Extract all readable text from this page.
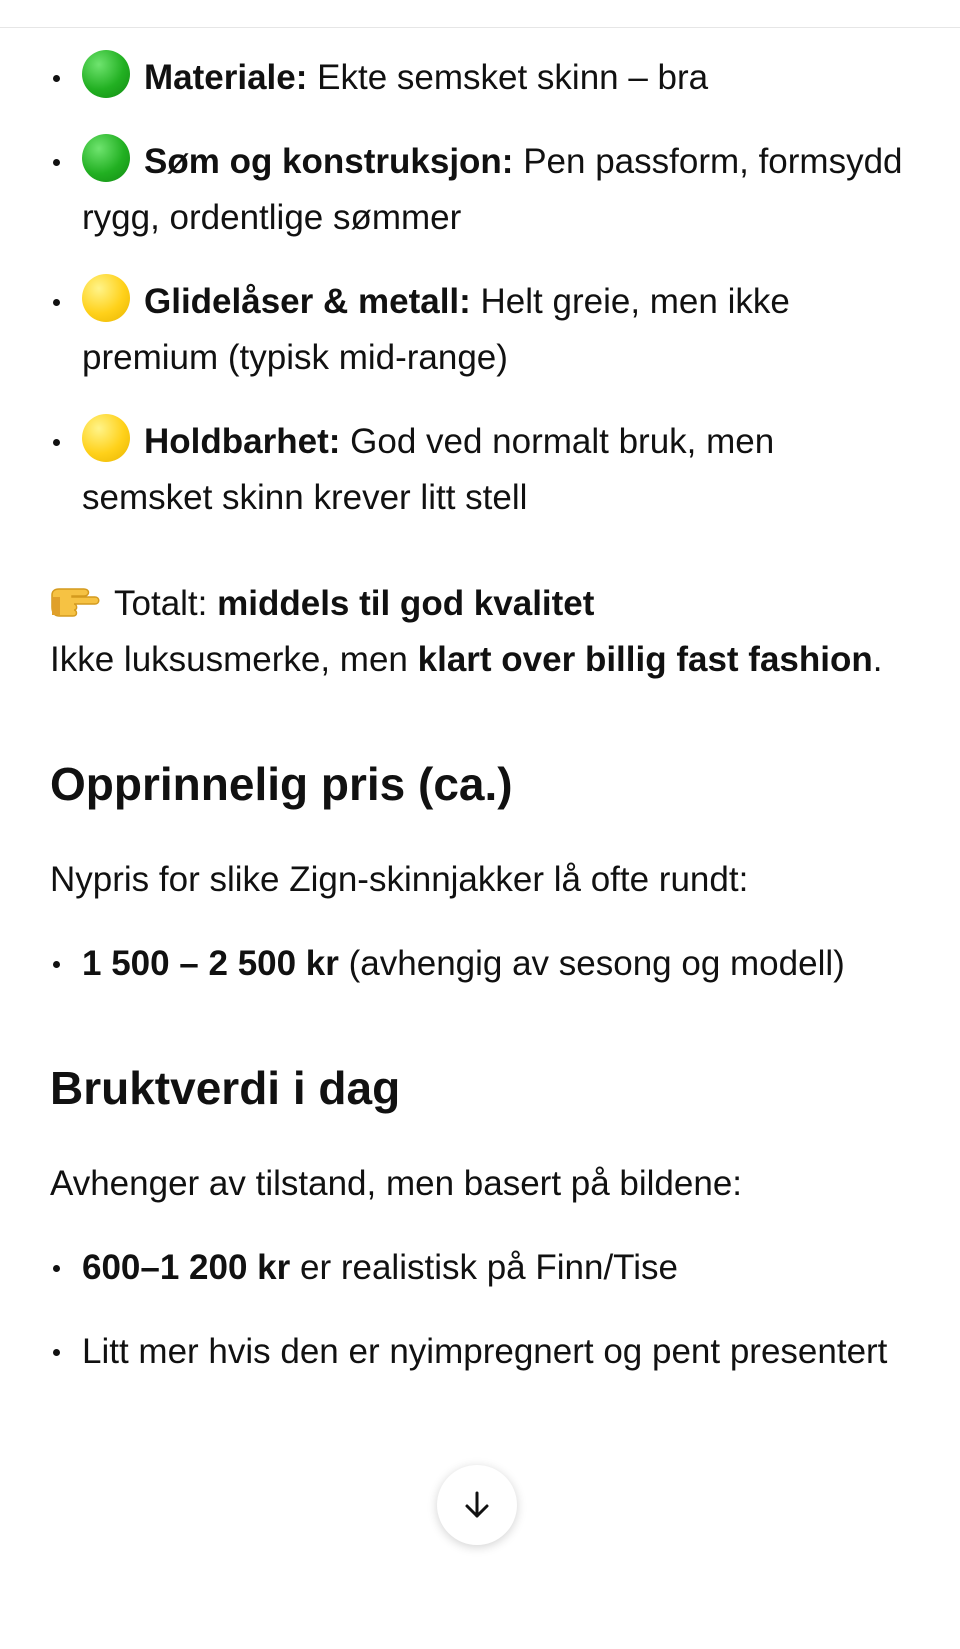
Materiale: Ekte semsket skinn – bra
Søm og konstruksjon: Pen passform, formsydd rygg, ordentlige sømmer
Glidelåser & metall: Helt greie, men ikke premium (typisk mid-range)
Holdbarhet: God ved normalt bruk, men semsket skinn krever litt stell
Totalt: middels til god kvalitet
Ikke luksusmerke, men klart over billig fast fashion.
Opprinnelig pris (ca.)

Nypris for slike Zign-skinnjakker lå ofte rundt:

1 500 – 2 500 kr (avhengig av sesong og modell)
Bruktverdi i dag

Avhenger av tilstand, men basert på bildene:

600–1 200 kr er realistisk på Finn/Tise
Litt mer hvis den er nyimpregnert og pent presentert
